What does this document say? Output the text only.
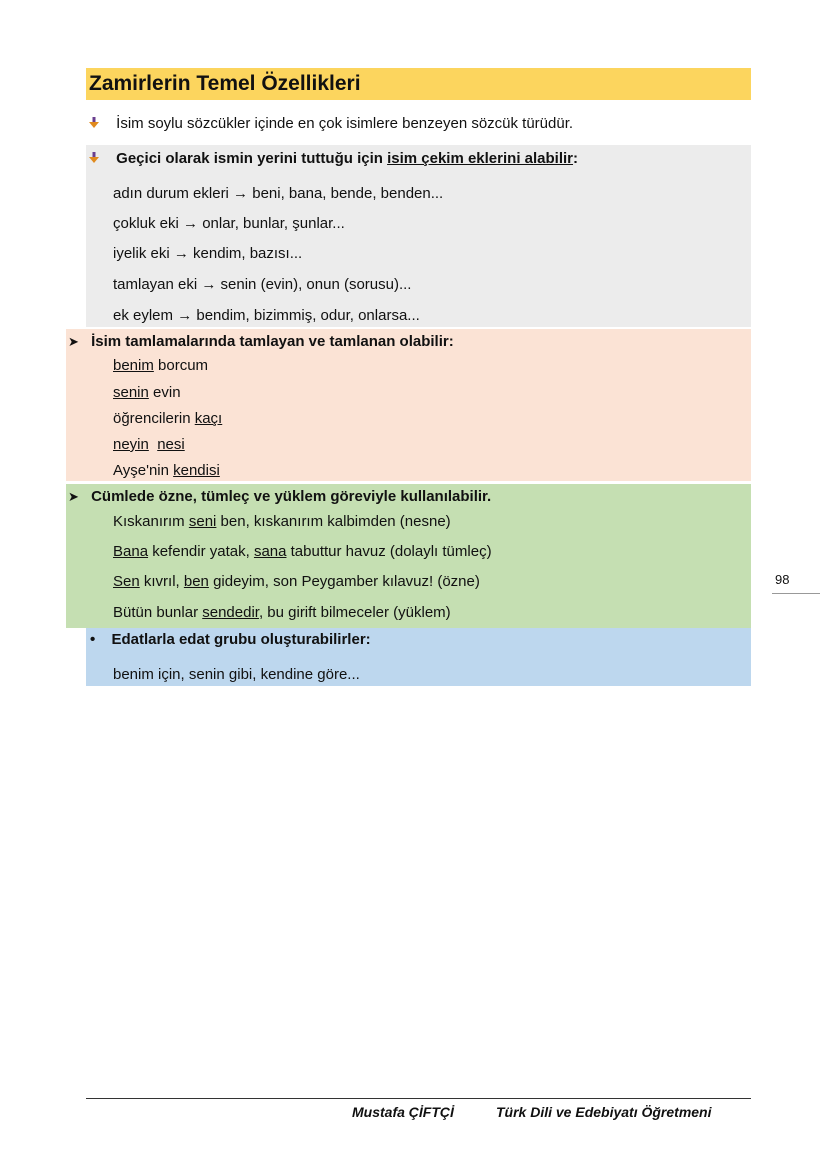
Zamirlerin Temel Özellikleri
İsim soylu sözcükler içinde en çok isimlere benzeyen sözcük türüdür.
Geçici olarak ismin yerini tuttuğu için isim çekim eklerini alabilir:
adın durum ekleri → beni, bana, bende, benden...
çokluk eki → onlar, bunlar, şunlar...
iyelik eki → kendim, bazısı...
tamlayan eki → senin (evin), onun (sorusu)...
ek eylem → bendim, bizimmiş, odur, onlarsa...
➤ İsim tamlamalarında tamlayan ve tamlanan olabilir:
benim borcum
senin evin
öğrencilerin kaçı
neyin nesi
Ayşe'nin kendisi
➤ Cümlede özne, tümleç ve yüklem göreviyle kullanılabilir.
Kıskanırım seni ben, kıskanırım kalbimden (nesne)
Bana kefendir yatak, sana tabuttur havuz (dolaylı tümleç)
Sen kıvrıl, ben gideyim, son Peygamber kılavuz! (özne)
Bütün bunlar sendedir, bu girift bilmeceler (yüklem)
• Edatlarla edat grubu oluşturabilirler:
benim için, senin gibi, kendine göre...
98
Mustafa ÇİFTÇİ	Türk Dili ve Edebiyatı Öğretmeni
